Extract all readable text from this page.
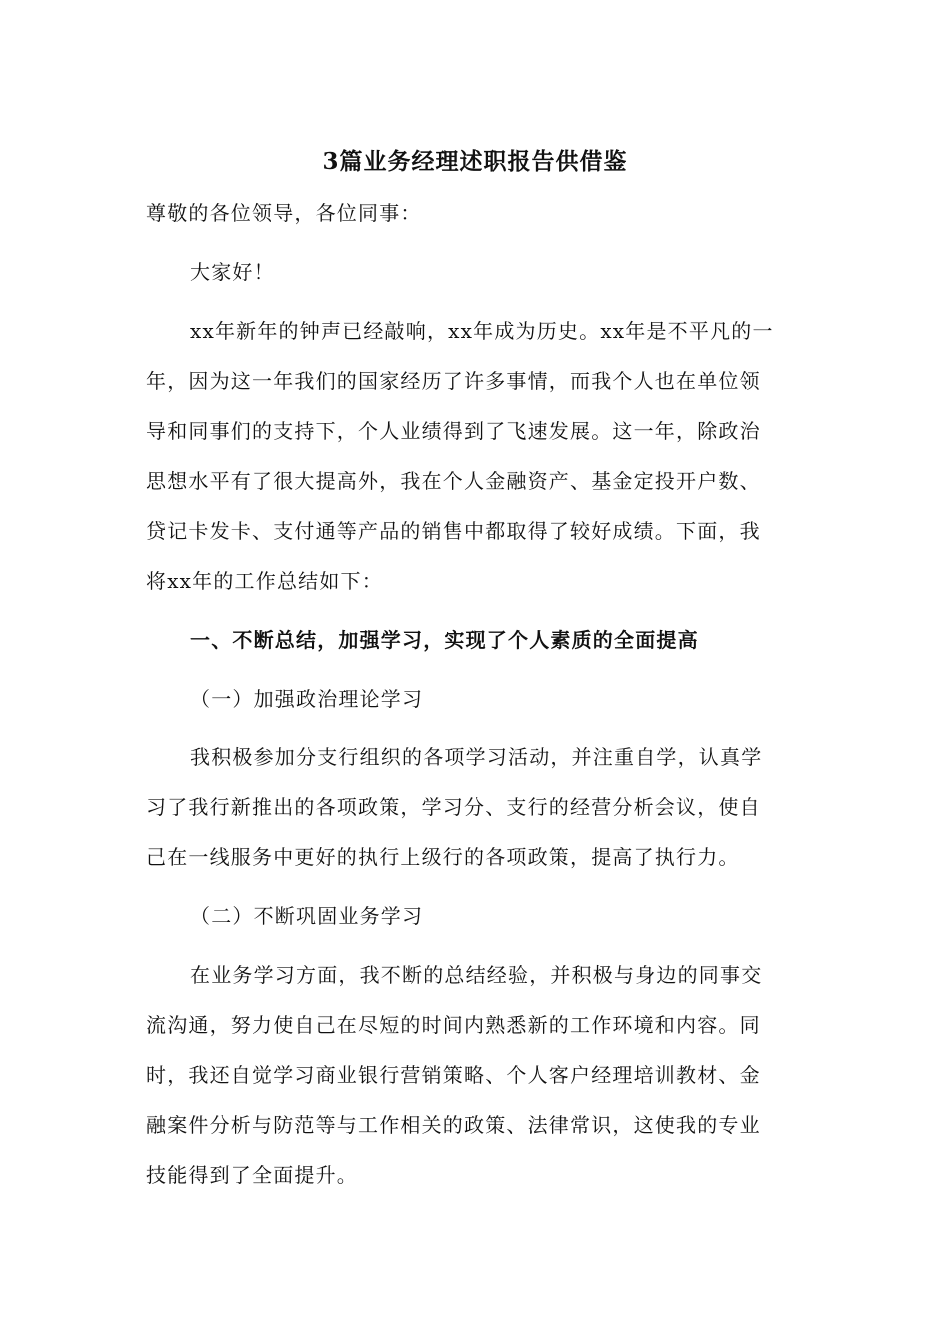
3篇业务经理述职报告供借鉴
尊敬的各位领导，各位同事：
大家好！
xx年新年的钟声已经敲响，xx年成为历史。xx年是不平凡的一
年，因为这一年我们的国家经历了许多事情，而我个人也在单位领
导和同事们的支持下，个人业绩得到了飞速发展。这一年，除政治
思想水平有了很大提高外，我在个人金融资产、基金定投开户数、
贷记卡发卡、支付通等产品的销售中都取得了较好成绩。下面，我
将xx年的工作总结如下：
一、不断总结，加强学习，实现了个人素质的全面提高
（一）加强政治理论学习
我积极参加分支行组织的各项学习活动，并注重自学，认真学
习了我行新推出的各项政策，学习分、支行的经营分析会议，使自
己在一线服务中更好的执行上级行的各项政策，提高了执行力。
（二）不断巩固业务学习
在业务学习方面，我不断的总结经验，并积极与身边的同事交
流沟通，努力使自己在尽短的时间内熟悉新的工作环境和内容。同
时，我还自觉学习商业银行营销策略、个人客户经理培训教材、金
融案件分析与防范等与工作相关的政策、法律常识，这使我的专业
技能得到了全面提升。
